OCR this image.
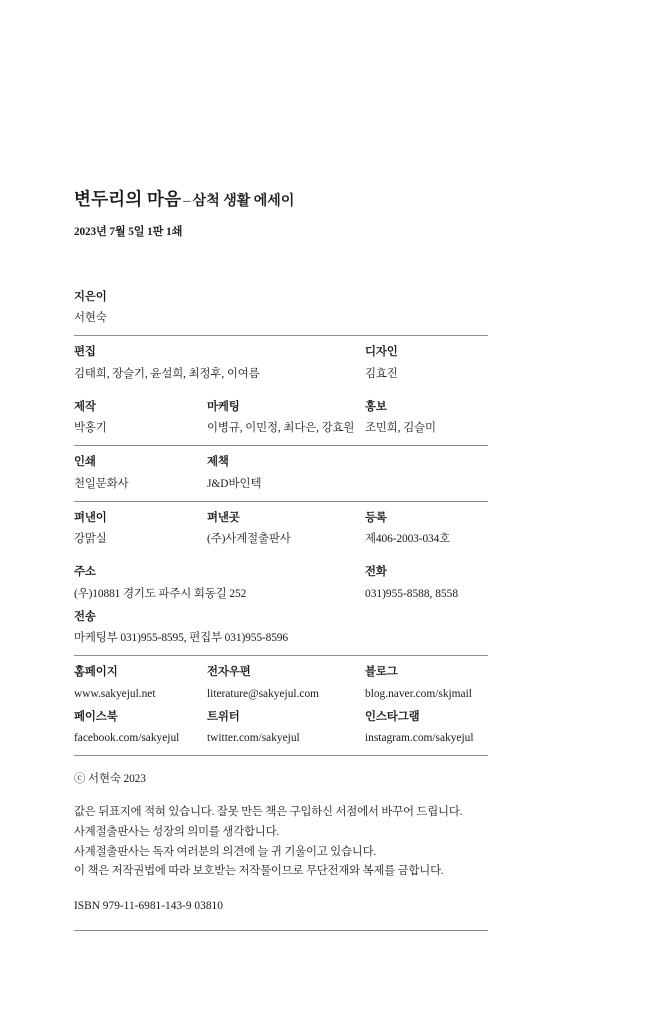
변두리의 마음 – 삼척 생활 에세이
2023년 7월 5일 1판 1쇄
지은이
서현숙
편집
김태희, 장슬기, 윤설희, 최정후, 이여름
디자인
김효진
제작
박홍기
마케팅
이병규, 이민정, 최다은, 강효원
홍보
조민희, 김슬미
인쇄
천일문화사
제책
J&D바인텍
펴낸이
강맑실
펴낸곳
(주)사계절출판사
등록
제406-2003-034호
주소
(우)10881 경기도 파주시 회동길 252
전화
031)955-8588, 8558
전송
마케팅부 031)955-8595, 편집부 031)955-8596
홈페이지
www.sakyejul.net
전자우편
literature@sakyejul.com
블로그
blog.naver.com/skjmail
페이스북
facebook.com/sakyejul
트위터
twitter.com/sakyejul
인스타그램
instagram.com/sakyejul
ⓒ 서현숙 2023
값은 뒤표지에 적혀 있습니다. 잘못 만든 책은 구입하신 서점에서 바꾸어 드립니다.
사계절출판사는 성장의 의미를 생각합니다.
사계절출판사는 독자 여러분의 의견에 늘 귀 기울이고 있습니다.
이 책은 저작권법에 따라 보호받는 저작물이므로 무단전재와 복제를 금합니다.
ISBN 979-11-6981-143-9 03810
